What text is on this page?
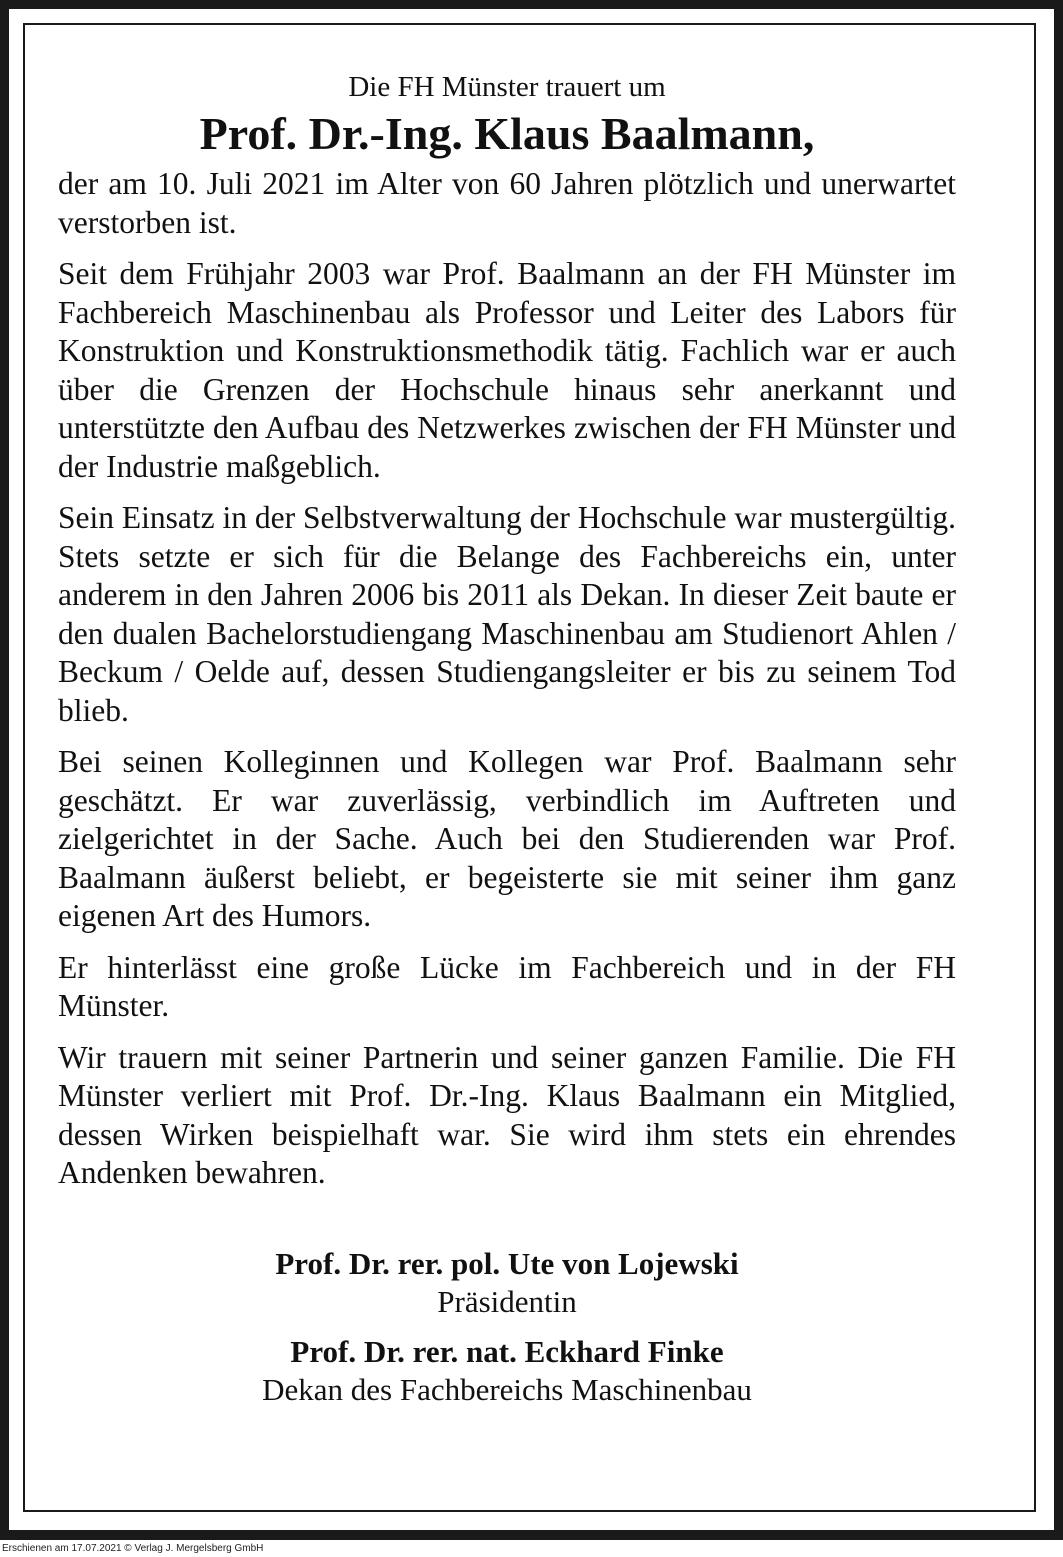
Die FH Münster trauert um

Prof. Dr.-Ing. Klaus Baalmann,

der am 10. Juli 2021 im Alter von 60 Jahren plötzlich und unerwartet verstorben ist.

Seit dem Frühjahr 2003 war Prof. Baalmann an der FH Münster im Fachbereich Maschinenbau als Professor und Leiter des Labors für Konstruktion und Konstruktionsmethodik tätig. Fachlich war er auch über die Grenzen der Hochschule hinaus sehr anerkannt und unterstützte den Aufbau des Netzwerkes zwischen der FH Münster und der Industrie maßgeblich.

Sein Einsatz in der Selbstverwaltung der Hochschule war mustergültig. Stets setzte er sich für die Belange des Fachbereichs ein, unter anderem in den Jahren 2006 bis 2011 als Dekan. In dieser Zeit baute er den dualen Bachelorstudiengang Maschinenbau am Studienort Ahlen / Beckum / Oelde auf, dessen Studiengangsleiter er bis zu seinem Tod blieb.

Bei seinen Kolleginnen und Kollegen war Prof. Baalmann sehr geschätzt. Er war zuverlässig, verbindlich im Auftreten und zielgerichtet in der Sache. Auch bei den Studierenden war Prof. Baalmann äußerst beliebt, er begeisterte sie mit seiner ihm ganz eigenen Art des Humors.

Er hinterlässt eine große Lücke im Fachbereich und in der FH Münster.

Wir trauern mit seiner Partnerin und seiner ganzen Familie. Die FH Münster verliert mit Prof. Dr.-Ing. Klaus Baalmann ein Mitglied, dessen Wirken beispielhaft war. Sie wird ihm stets ein ehrendes Andenken bewahren.

Prof. Dr. rer. pol. Ute von Lojewski

Präsidentin

Prof. Dr. rer. nat. Eckhard Finke

Dekan des Fachbereichs Maschinenbau

Erschienen am 17.07.2021 © Verlag J. Mergelsberg GmbH
